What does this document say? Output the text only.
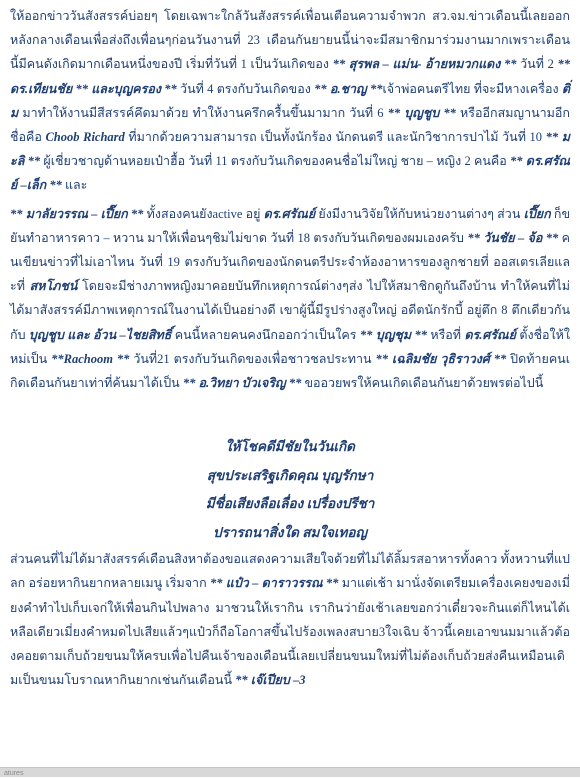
ให้ออกข่าววันสังสรรค์บ่อยๆ โดยเฉพาะใกล้วันสังสรรค์เพื่อนเตือนความจำพวก สว.จม.ข่าวเดือนนี้เลยออกหลังกลางเดือนเพื่อส่งถึงเพื่อนๆก่อนวันงานที่ 23 เดือนกันยายนนี้น่าจะมีสมาชิกมาร่วมงานมากเพราะเดือนนี้มีคนดังเกิดมากเดือนหนึ่งของปี เริ่มที่วันที่ 1 เป็นวันเกิดของ ** สุรพล – แม่น- อ้ายหมวกแดง ** วันที่ 2 ** ดร.เทียนชัย ** และบุญครอง ** วันที่ 4 ตรงกับวันเกิดของ ** อ.ชาญ **เจ้าพ่อคนตรีไทย ที่จะมีหางเครื่อง ติ่ม มาทำให้งานมีสีสรรค์คึดมาด้วย ทำให้งานครึกครื้นขึ้นมามาก วันที่ 6 ** บุญชูบ ** หรืออีกสมญานามอีกชื่อคือ Choob Richard ที่มากด้วยความสามารถ เป็นทั้งนักร้อง นักดนตรี และนักวิชาการปาไม้ วันที่ 10 ** มะลิ ** ผู้เชี่ยวชาญด้านหอยเป๋าฮื้อ วันที่ 11 ตรงกับวันเกิดของคนชื่อไม่ใหญ่ ชาย – หญิง 2 คนคือ ** ดร.ศรัณย์ –เล็ก ** และ

** มาลัยวรรณ – เปี๊ยก ** ทั้งสองคนยังactive อยู่ ดร.ศรัณย์ ยังมีงานวิจัยให้กับหน่วยงานต่างๆ ส่วน เปี๊ยก ก็ขยันทำอาหารคาว – หวาน มาให้เพื่อนๆชิมไม่ขาด วันที่ 18 ตรงกับวันเกิดของผมเองครับ ** วันชัย – จ้อ ** คนเขียนข่าวที่ไม่เอาไหน วันที่ 19 ตรงกับวันเกิดของนักดนตรีประจำห้องอาหารของลูกชายที่ ออสเตรเลียและที่ สหโภชน์ โดยจะมีช่างภาพหญิงมาคอยบันทึกเหตุการณ์ต่างๆส่ง ไปให้สมาชิกดูกันถึงบ้าน ทำให้คนที่ไม่ได้มาสังสรรค์มีภาพเหตุการณ์ในงานได้เป็นอย่างดี เขาผู้นี้มีรูปร่างสูงใหญ่ อดีตนักรักบี้ อยู่ตึก 8 ตึกเดียวกันกับ บุญชูบ และ อ้วน –ไชยสิทธิ์ คนนี้หลายคนคงนึกออกว่าเป็นใคร ** บุญชุม ** หรือที่ ดร.ศรัณย์ ตั้งชื่อให้ใหม่เป็น **Rachoom ** วันที่21 ตรงกับวันเกิดของเพื่อชาวชลประทาน ** เฉลิมชัย วุธิราวงศ์ ** ปิดท้ายคนเกิดเดือนกันยาเท่าที่ค้นมาได้เป็น ** อ.วิทยา บัวเจริญ ** ขออวยพรให้คนเกิดเดือนกันยาด้วยพรต่อไปนี้

ให้โชคดีมีชัยในวันเกิด
สุขประเสริฐเกิดคุณ บุญรักษา
มีชื่อเสียงลือเลื่อง เปรื่องปรีชา
ปรารถนาสิ่งใด สมใจเทอญ

ส่วนคนที่ไม่ได้มาสังสรรค์เดือนสิงหาต้องขอแสดงความเสียใจด้วยที่ไม่ได้ลิ้มรสอาหารทั้งคาว ทั้งหวานที่แปลก อร่อยหากินยากหลายเมนู เริ่มจาก ** แป๋ว – ดาราวรรณ ** มาแต่เช้า มานั่งจัดเตรียมเครื่องเคยงของเมี่ยงคำทำไปเก็บเจก่ให้เพื่อนกินไปพลาง มาชวนให้เรากิน เรากินว่ายังเช้าเลยขอกว่าเดี๋ยวจะกินแต่ก็ไหนได้เหลือเดียวเมี่ยงคำหมดไปเสียแล้วๆแป๋วก็ถือโอกาสขึ้นไปร้องเพลงสบาย3ใจเฉิบ จ้าวนี้เคยเอาขนมมาแล้วต้องคอยตามเก็บถ้วยขนมให้ครบเพื่อไปคืนเจ้าของเดือนนี้เลยเปลี่ยนขนมใหม่ที่ไม่ต้องเก็บถ้วยส่งคืนเหมือนเดิมเป็นขนมโบราณหากินยากเช่นกันเดือนนี้ ** เจ๊เปียบ –3

atures
